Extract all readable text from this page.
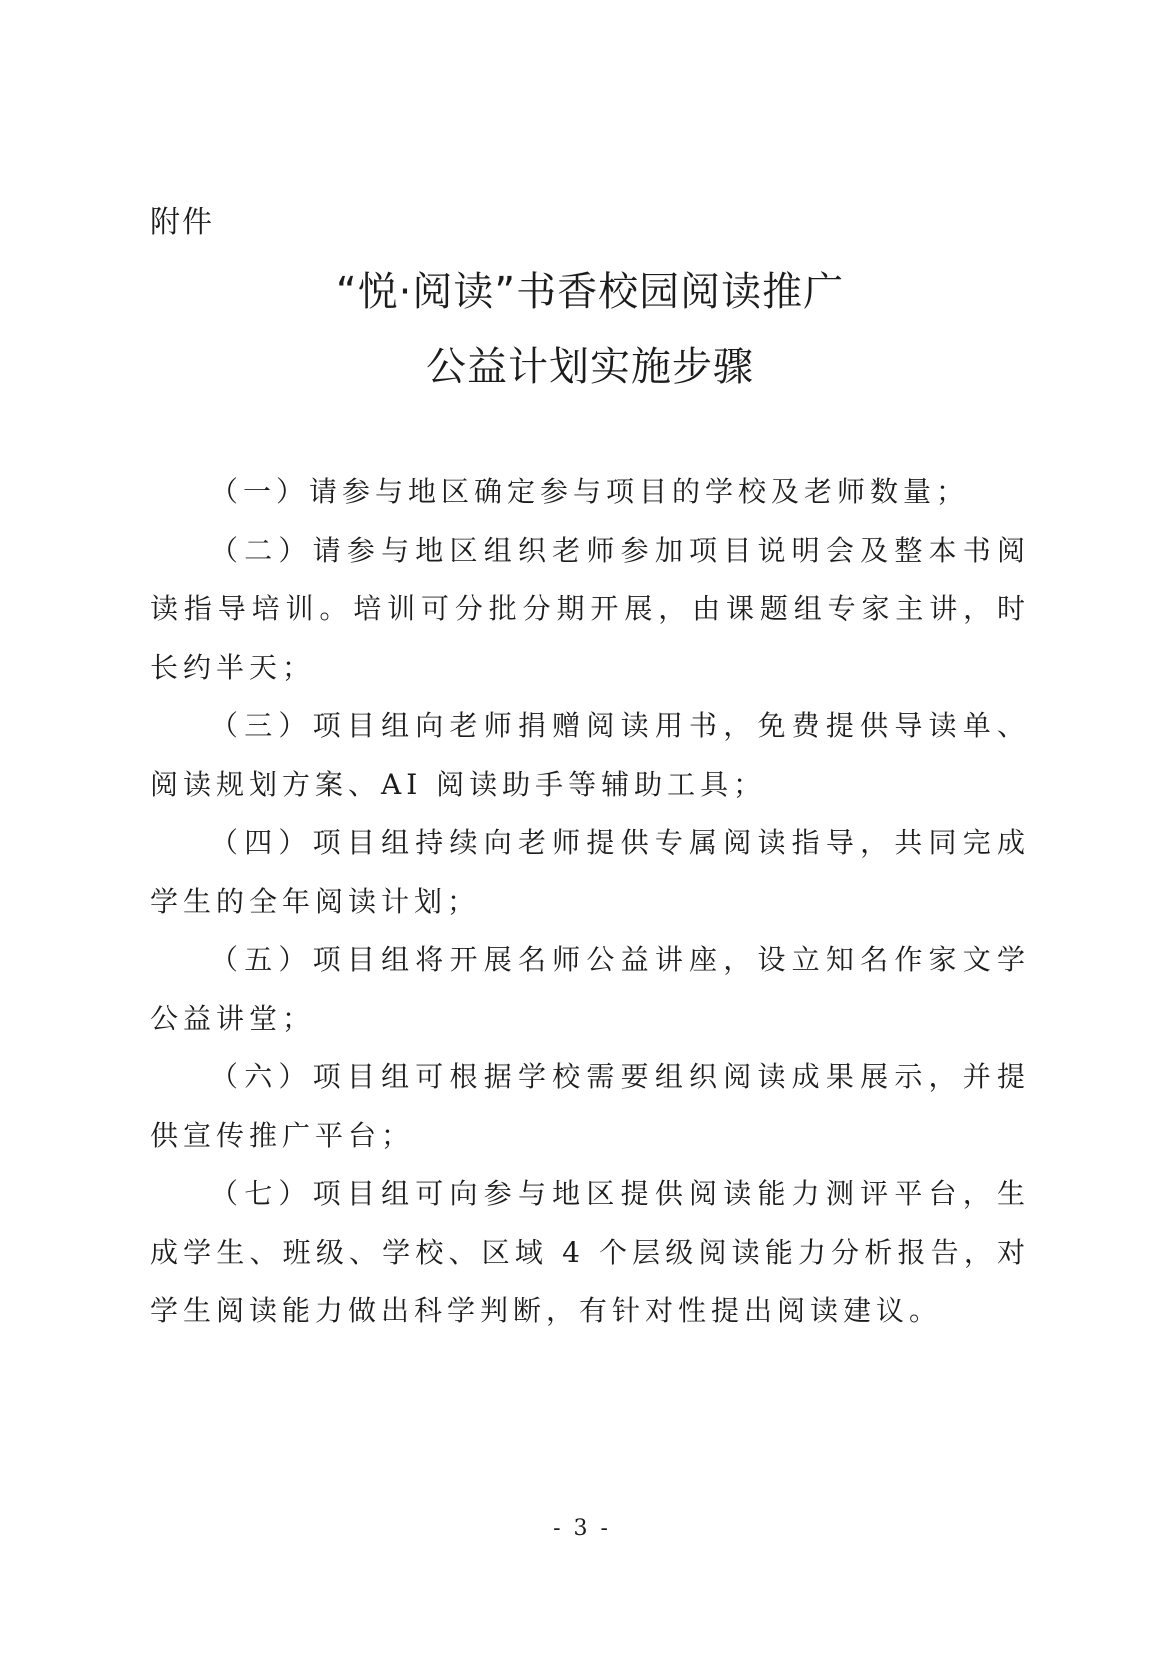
附件
“悦·阅读”书香校园阅读推广
公益计划实施步骤

（一）请参与地区确定参与项目的学校及老师数量；

（二）请参与地区组织老师参加项目说明会及整本书阅读指导培训。培训可分批分期开展，由课题组专家主讲，时长约半天；

（三）项目组向老师捐赠阅读用书，免费提供导读单、阅读规划方案、AI 阅读助手等辅助工具；

（四）项目组持续向老师提供专属阅读指导，共同完成学生的全年阅读计划；

（五）项目组将开展名师公益讲座，设立知名作家文学公益讲堂；

（六）项目组可根据学校需要组织阅读成果展示，并提供宣传推广平台；

（七）项目组可向参与地区提供阅读能力测评平台，生成学生、班级、学校、区域 4 个层级阅读能力分析报告，对学生阅读能力做出科学判断，有针对性提出阅读建议。

- 3 -
